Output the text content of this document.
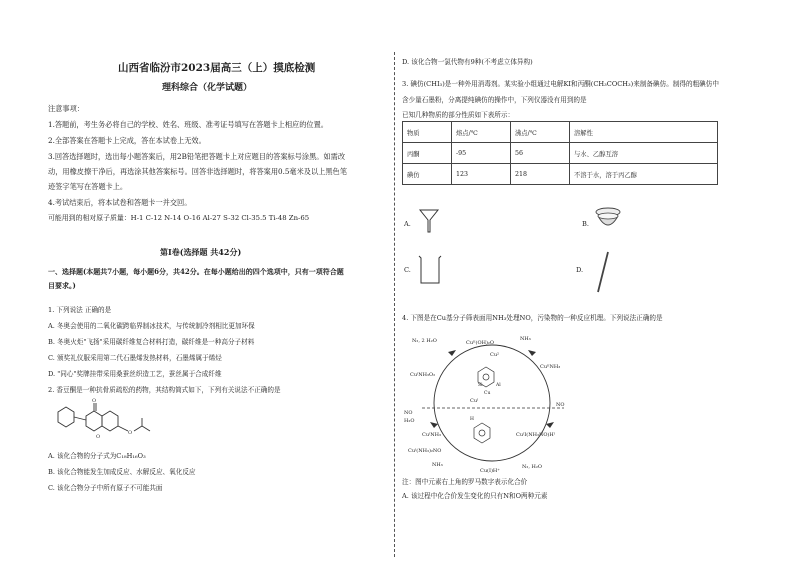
山西省临汾市2023届高三（上）摸底检测
理科综合（化学试题）
注意事项：
1.答题前，考生务必将自己的学校、姓名、班级、准考证号填写在答题卡上相应的位置。
2.全部答案在答题卡上完成，答在本试卷上无效。
3.回答选择题时，选出每小题答案后，用2B铅笔把答题卡上对应题目的答案标号涂黑。如需改
动，用橡皮擦干净后，再选涂其他答案标号。回答非选择题时，将答案用0.5毫米及以上黑色笔
迹签字笔写在答题卡上。
4.考试结束后，将本试卷和答题卡一并交回。
可能用到的相对原子质量：H-1 C-12 N-14 O-16 Al-27 S-32 Cl-35.5 Ti-48 Zn-65
第Ⅰ卷(选择题 共42分)
一、选择题(本题共7小题，每小题6分，共42分。在每小题给出的四个选项中，只有一项符合题
目要求。)
1. 下列说法 正确的是
A. 冬奥会使用的二氧化碳跨临界制冰技术，与传统制冷剂相比更加环保
B. 冬奥火炬"飞扬"采用碳纤维复合材料打造，碳纤维是一种高分子材料
C. 颁奖礼仪服采用第二代石墨烯发热材料，石墨烯属于烯烃
D. "同心"奖牌挂带采用桑蚕丝织造工艺，蚕丝属于合成纤维
2. 香豆酮是一种抗骨质疏松的药物，其结构简式如下，下列有关说法不正确的是
O
O
O
A. 该化合物的分子式为C₁₈H₁₆O₃
B. 该化合物能发生加成反应、水解反应、氧化反应
C. 该化合物分子中所有原子不可能共面
D. 该化合物一氯代物有9种(不考虑立体异构)
3. 碘仿(CHI₃)是一种外用消毒剂。某实验小组通过电解KI和丙酮(CH₃COCH₃)来制备碘仿。制得的粗碘仿中
含少量石墨粉，分离提纯碘仿的操作中，下列仪器没有用到的是
已知几种物质的部分性质如下表所示：
物质	熔点/℃	沸点/℃	溶解性
丙酮	-95	56	与水、乙醇互溶
碘仿	123	218	不溶于水，溶于丙乙醇
A.	B.
C.	D.
4. 下图是在Cu基分子筛表面用NH₃处理NO，污染物的一种反应机理。下列说法正确的是
N₂, 2 H₂O	Cuᴵᴵ(OH)₂O
Cu²
NH₃
CuᴵNH₃O₂
CuᴵᴵNH₃
Si	Al
Cu
Cuᴵ
NO
H₂O
NO
CuᴵNH₃	CuᴵI(NH₃NO)Hᴵ
H
Cuᴵ(NH₃)₂NO
NH₃
Cu(Ⅰ)H⁺
N₂, H₂O
注：图中元素右上角的罗马数字表示化合价
A. 该过程中化合价发生变化的只有N和O两种元素
